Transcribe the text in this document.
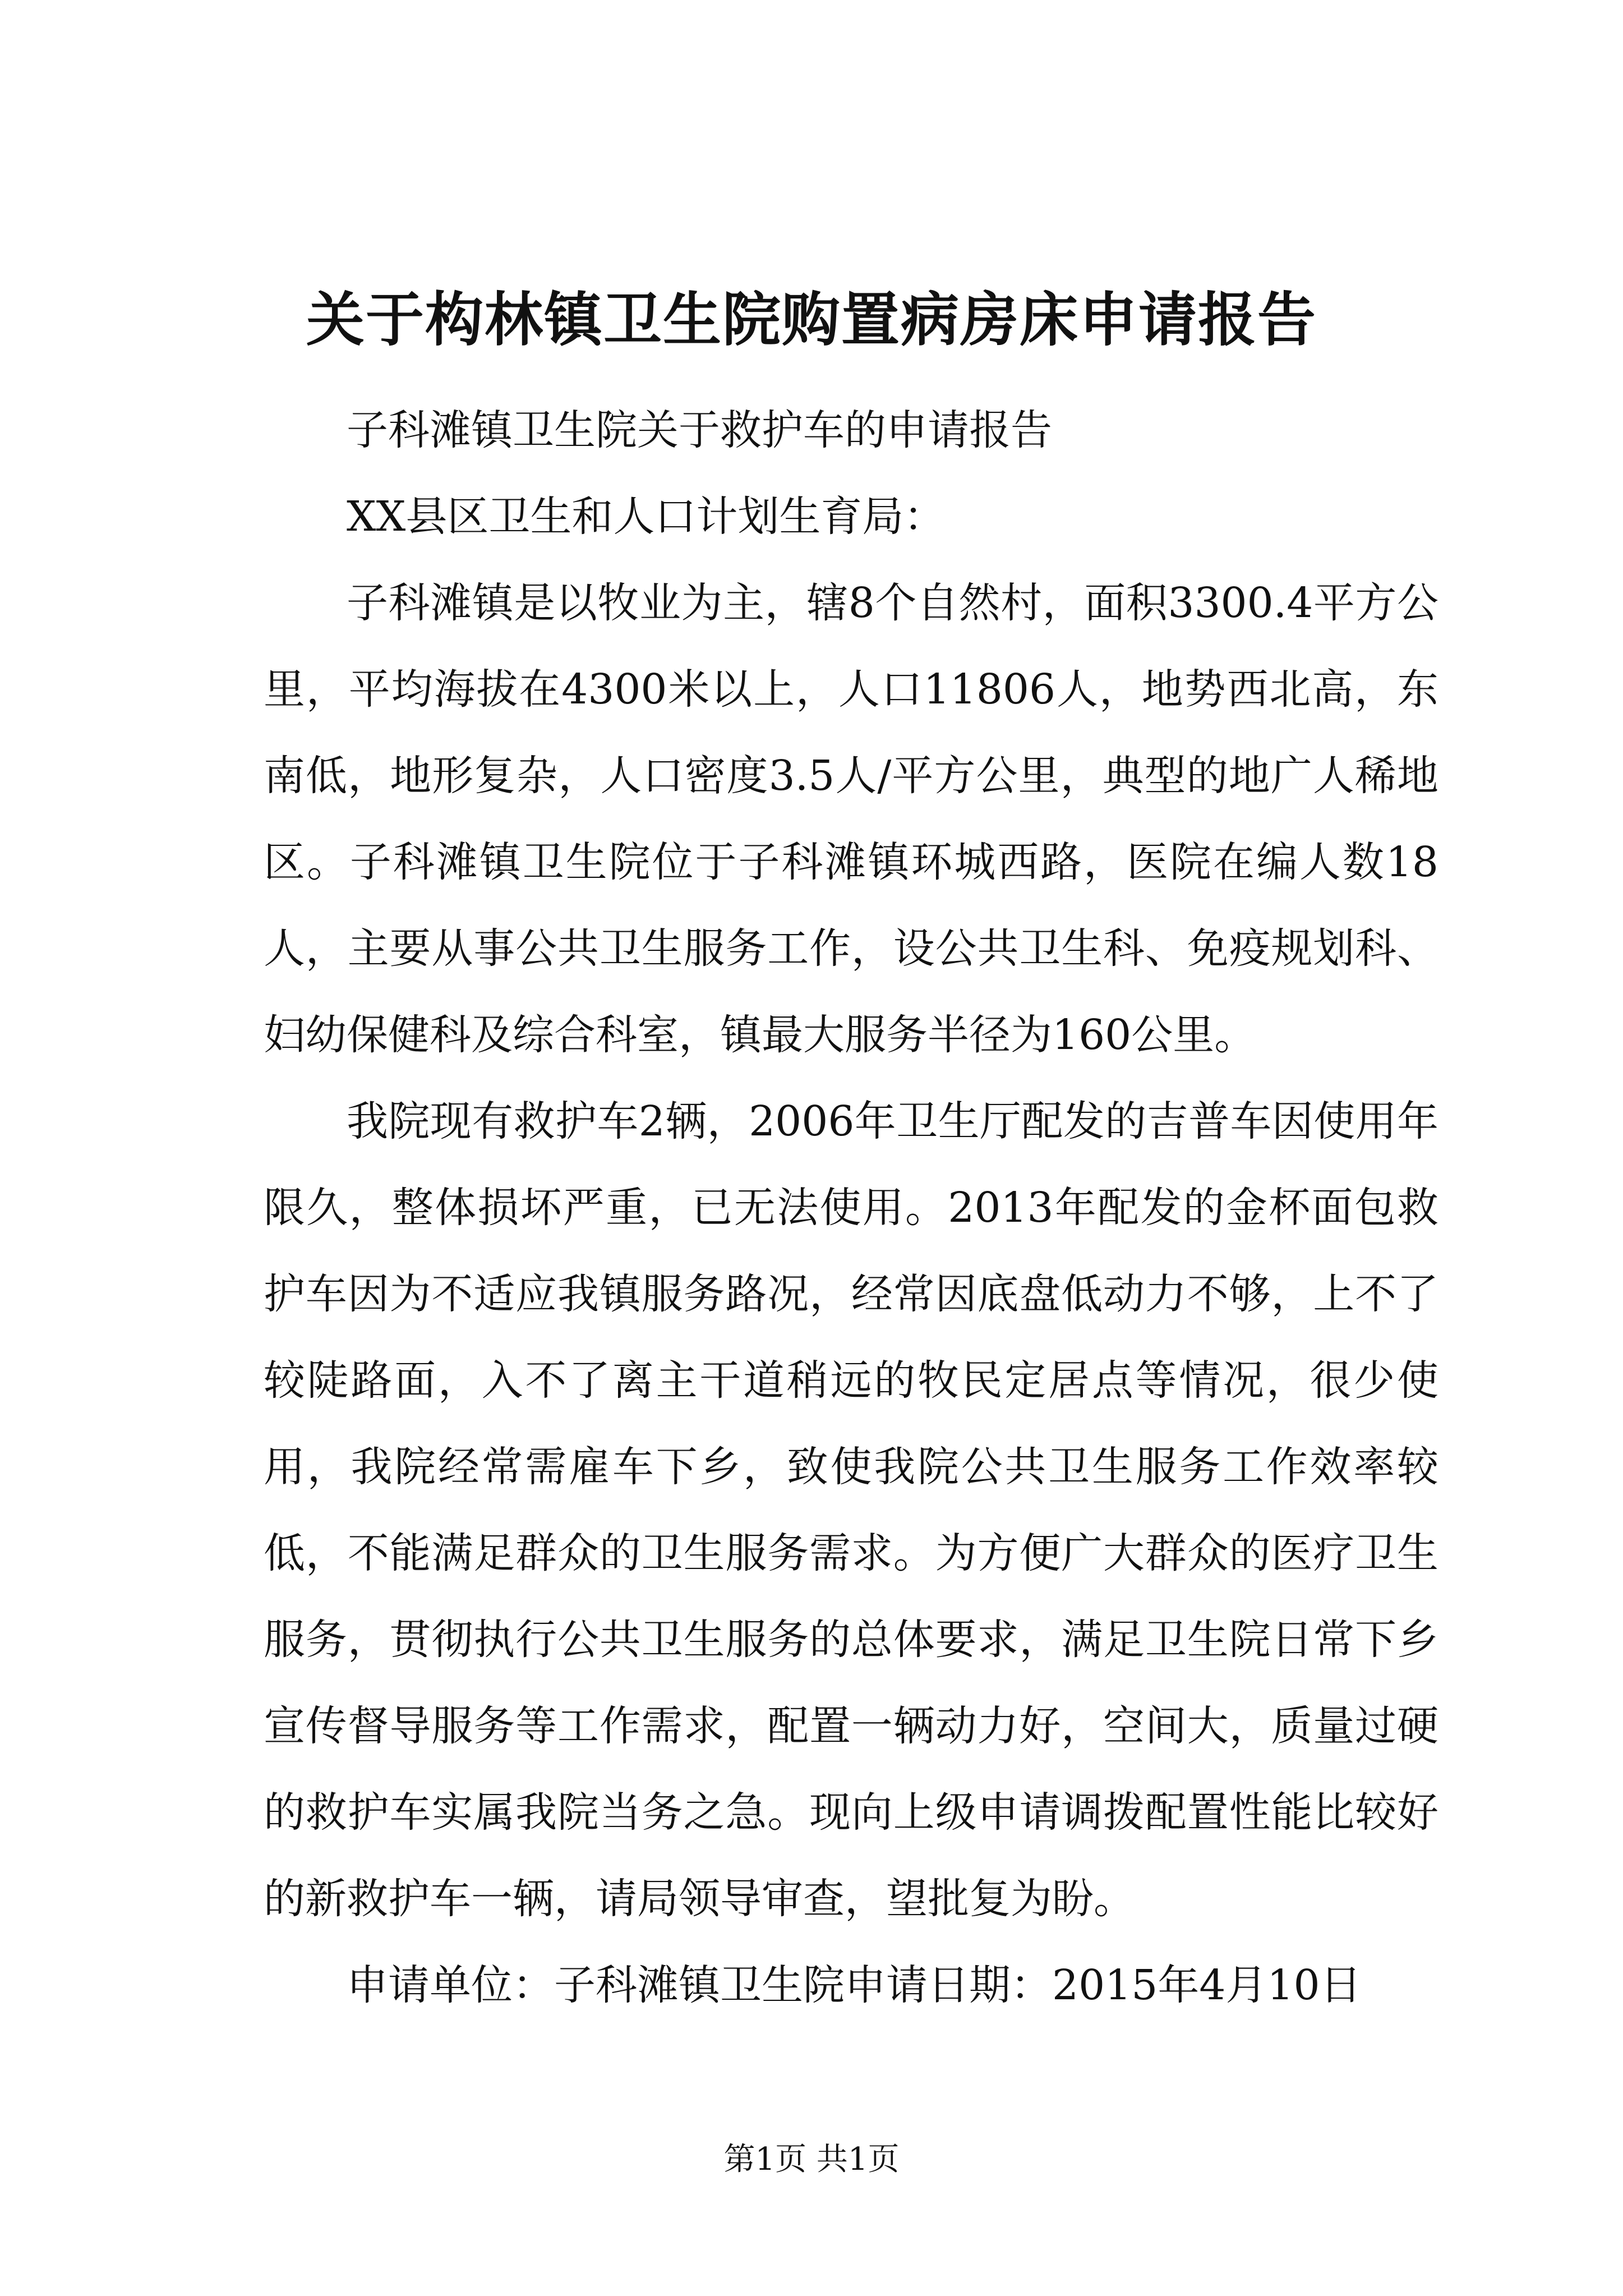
关于构林镇卫生院购置病房床申请报告

子科滩镇卫生院关于救护车的申请报告

XX县区卫生和人口计划生育局：

子科滩镇是以牧业为主，辖8个自然村，面积3300.4平方公里，平均海拔在4300米以上，人口11806人，地势西北高，东南低，地形复杂，人口密度3.5人/平方公里，典型的地广人稀地区。子科滩镇卫生院位于子科滩镇环城西路，医院在编人数18人，主要从事公共卫生服务工作，设公共卫生科、免疫规划科、妇幼保健科及综合科室，镇最大服务半径为160公里。

我院现有救护车2辆，2006年卫生厅配发的吉普车因使用年限久，整体损坏严重，已无法使用。2013年配发的金杯面包救护车因为不适应我镇服务路况，经常因底盘低动力不够，上不了较陡路面，入不了离主干道稍远的牧民定居点等情况，很少使用，我院经常需雇车下乡，致使我院公共卫生服务工作效率较低，不能满足群众的卫生服务需求。为方便广大群众的医疗卫生服务，贯彻执行公共卫生服务的总体要求，满足卫生院日常下乡宣传督导服务等工作需求，配置一辆动力好，空间大，质量过硬的救护车实属我院当务之急。现向上级申请调拨配置性能比较好的新救护车一辆，请局领导审查，望批复为盼。

申请单位：子科滩镇卫生院申请日期：2015年4月10日

第1页 共1页
